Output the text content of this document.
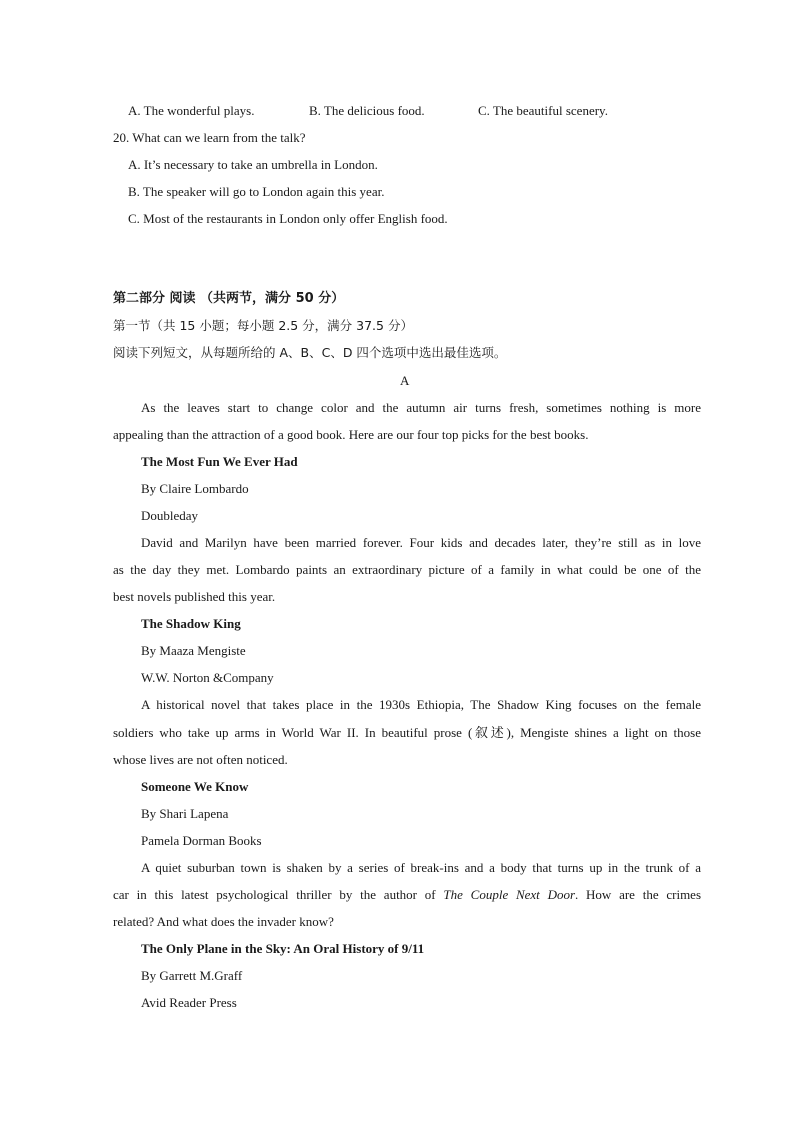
A. The wonderful plays.	B. The delicious food.	C. The beautiful scenery.
20. What can we learn from the talk?
A. It’s necessary to take an umbrella in London.
B. The speaker will go to London again this year.
C. Most of the restaurants in London only offer English food.
第二部分 阅读 （共两节，满分 50 分）
第一节（共 15 小题；每小题 2.5 分，满分 37.5 分）
阅读下列短文，从每题所给的 A、B、C、D 四个选项中选出最佳选项。
A
As the leaves start to change color and the autumn air turns fresh, sometimes nothing is more
appealing than the attraction of a good book. Here are our four top picks for the best books.
The Most Fun We Ever Had
By Claire Lombardo
Doubleday
David and Marilyn have been married forever. Four kids and decades later, they’re still as in love
as the day they met. Lombardo paints an extraordinary picture of a family in what could be one of the
best novels published this year.
The Shadow King
By Maaza Mengiste
W.W. Norton &Company
A historical novel that takes place in the 1930s Ethiopia, The Shadow King focuses on the female
soldiers who take up arms in World War II. In beautiful prose (叙述), Mengiste shines a light on those
whose lives are not often noticed.
Someone We Know
By Shari Lapena
Pamela Dorman Books
A quiet suburban town is shaken by a series of break-ins and a body that turns up in the trunk of a
car in this latest psychological thriller by the author of The Couple Next Door. How are the crimes
related? And what does the invader know?
The Only Plane in the Sky: An Oral History of 9/11
By Garrett M.Graff
Avid Reader Press
